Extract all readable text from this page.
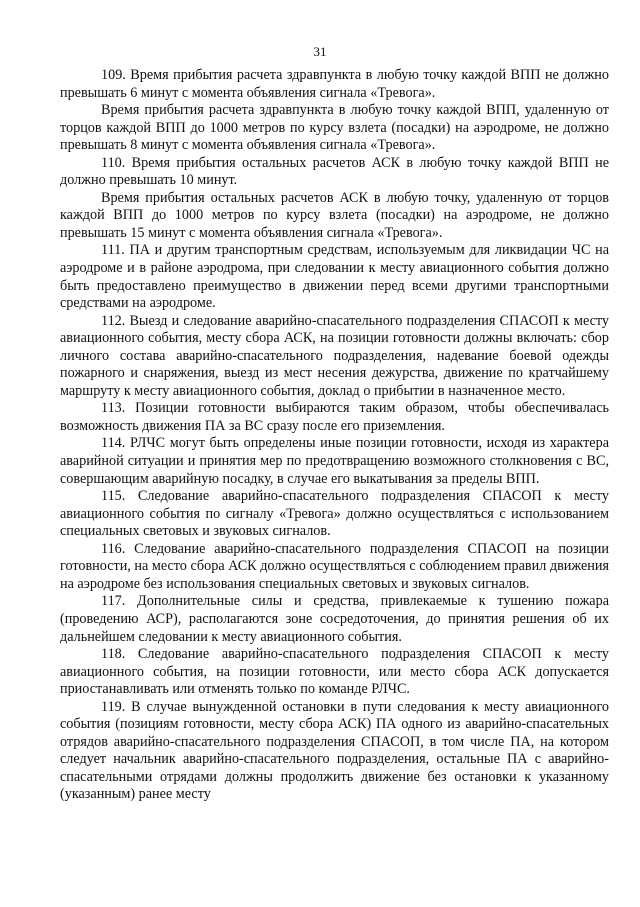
31

109. Время прибытия расчета здравпункта в любую точку каждой ВПП не должно превышать 6 минут с момента объявления сигнала «Тревога».

Время прибытия расчета здравпункта в любую точку каждой ВПП, удаленную от торцов каждой ВПП до 1000 метров по курсу взлета (посадки) на аэродроме, не должно превышать 8 минут с момента объявления сигнала «Тревога».

110. Время прибытия остальных расчетов АСК в любую точку каждой ВПП не должно превышать 10 минут.

Время прибытия остальных расчетов АСК в любую точку, удаленную от торцов каждой ВПП до 1000 метров по курсу взлета (посадки) на аэродроме, не должно превышать 15 минут с момента объявления сигнала «Тревога».

111. ПА и другим транспортным средствам, используемым для ликвидации ЧС на аэродроме и в районе аэродрома, при следовании к месту авиационного события должно быть предоставлено преимущество в движении перед всеми другими транспортными средствами на аэродроме.

112. Выезд и следование аварийно-спасательного подразделения СПАСОП к месту авиационного события, месту сбора АСК, на позиции готовности должны включать: сбор личного состава аварийно-спасательного подразделения, надевание боевой одежды пожарного и снаряжения, выезд из мест несения дежурства, движение по кратчайшему маршруту к месту авиационного события, доклад о прибытии в назначенное место.

113. Позиции готовности выбираются таким образом, чтобы обеспечивалась возможность движения ПА за ВС сразу после его приземления.

114. РЛЧС могут быть определены иные позиции готовности, исходя из характера аварийной ситуации и принятия мер по предотвращению возможного столкновения с ВС, совершающим аварийную посадку, в случае его выкатывания за пределы ВПП.

115. Следование аварийно-спасательного подразделения СПАСОП к месту авиационного события по сигналу «Тревога» должно осуществляться с использованием специальных световых и звуковых сигналов.

116. Следование аварийно-спасательного подразделения СПАСОП на позиции готовности, на место сбора АСК должно осуществляться с соблюдением правил движения на аэродроме без использования специальных световых и звуковых сигналов.

117. Дополнительные силы и средства, привлекаемые к тушению пожара (проведению АСР), располагаются зоне сосредоточения, до принятия решения об их дальнейшем следовании к месту авиационного события.

118. Следование аварийно-спасательного подразделения СПАСОП к месту авиационного события, на позиции готовности, или место сбора АСК допускается приостанавливать или отменять только по команде РЛЧС.

119. В случае вынужденной остановки в пути следования к месту авиационного события (позициям готовности, месту сбора АСК) ПА одного из аварийно-спасательных отрядов аварийно-спасательного подразделения СПАСОП, в том числе ПА, на котором следует начальник аварийно-спасательного подразделения, остальные ПА с аварийно-спасательными отрядами должны продолжить движение без остановки к указанному (указанным) ранее месту
